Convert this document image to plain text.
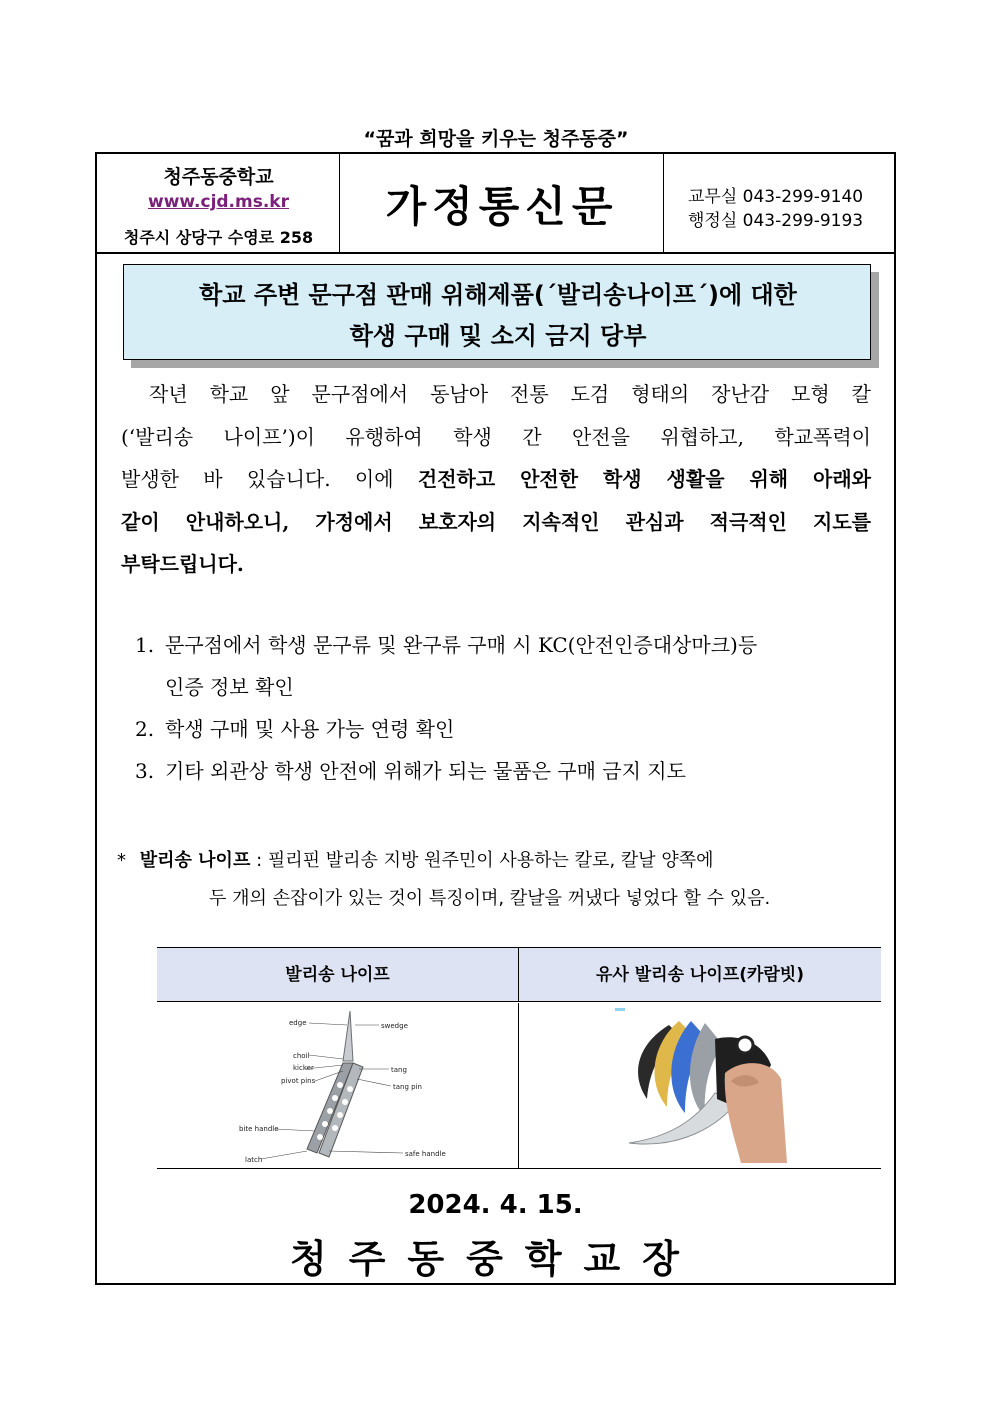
“꿈과 희망을 키우는 청주동중”
청주동중학교
www.cjd.ms.kr
청주시 상당구 수영로 258
가정통신문	교무실 043-299-9140
행정실 043-299-9193
학교 주변 문구점 판매 위해제품(´발리송나이프´)에 대한
학생 구매 및 소지 금지 당부
작년 학교 앞 문구점에서 동남아 전통 도검 형태의 장난감 모형 칼
(‘발리송 나이프’)이 유행하여 학생 간 안전을 위협하고, 학교폭력이
발생한 바 있습니다. 이에 건전하고 안전한 학생 생활을 위해 아래와
같이 안내하오니, 가정에서 보호자의 지속적인 관심과 적극적인 지도를
부탁드립니다.
1. 문구점에서 학생 문구류 및 완구류 구매 시 KC(안전인증대상마크)등
인증 정보 확인
2. 학생 구매 및 사용 가능 연령 확인
3. 기타 외관상 학생 안전에 위해가 되는 물품은 구매 금지 지도
* 발리송 나이프 : 필리핀 발리송 지방 원주민이 사용하는 칼로, 칼날 양쪽에
두 개의 손잡이가 있는 것이 특징이며, 칼날을 꺼냈다 넣었다 할 수 있음.
발리송 나이프	유사 발리송 나이프(카람빗)
edge	swedge
choil
kicker
pivot pins
tang
tang pin
bite handle
latch
safe handle
2024. 4. 15.
청주동중학교장
